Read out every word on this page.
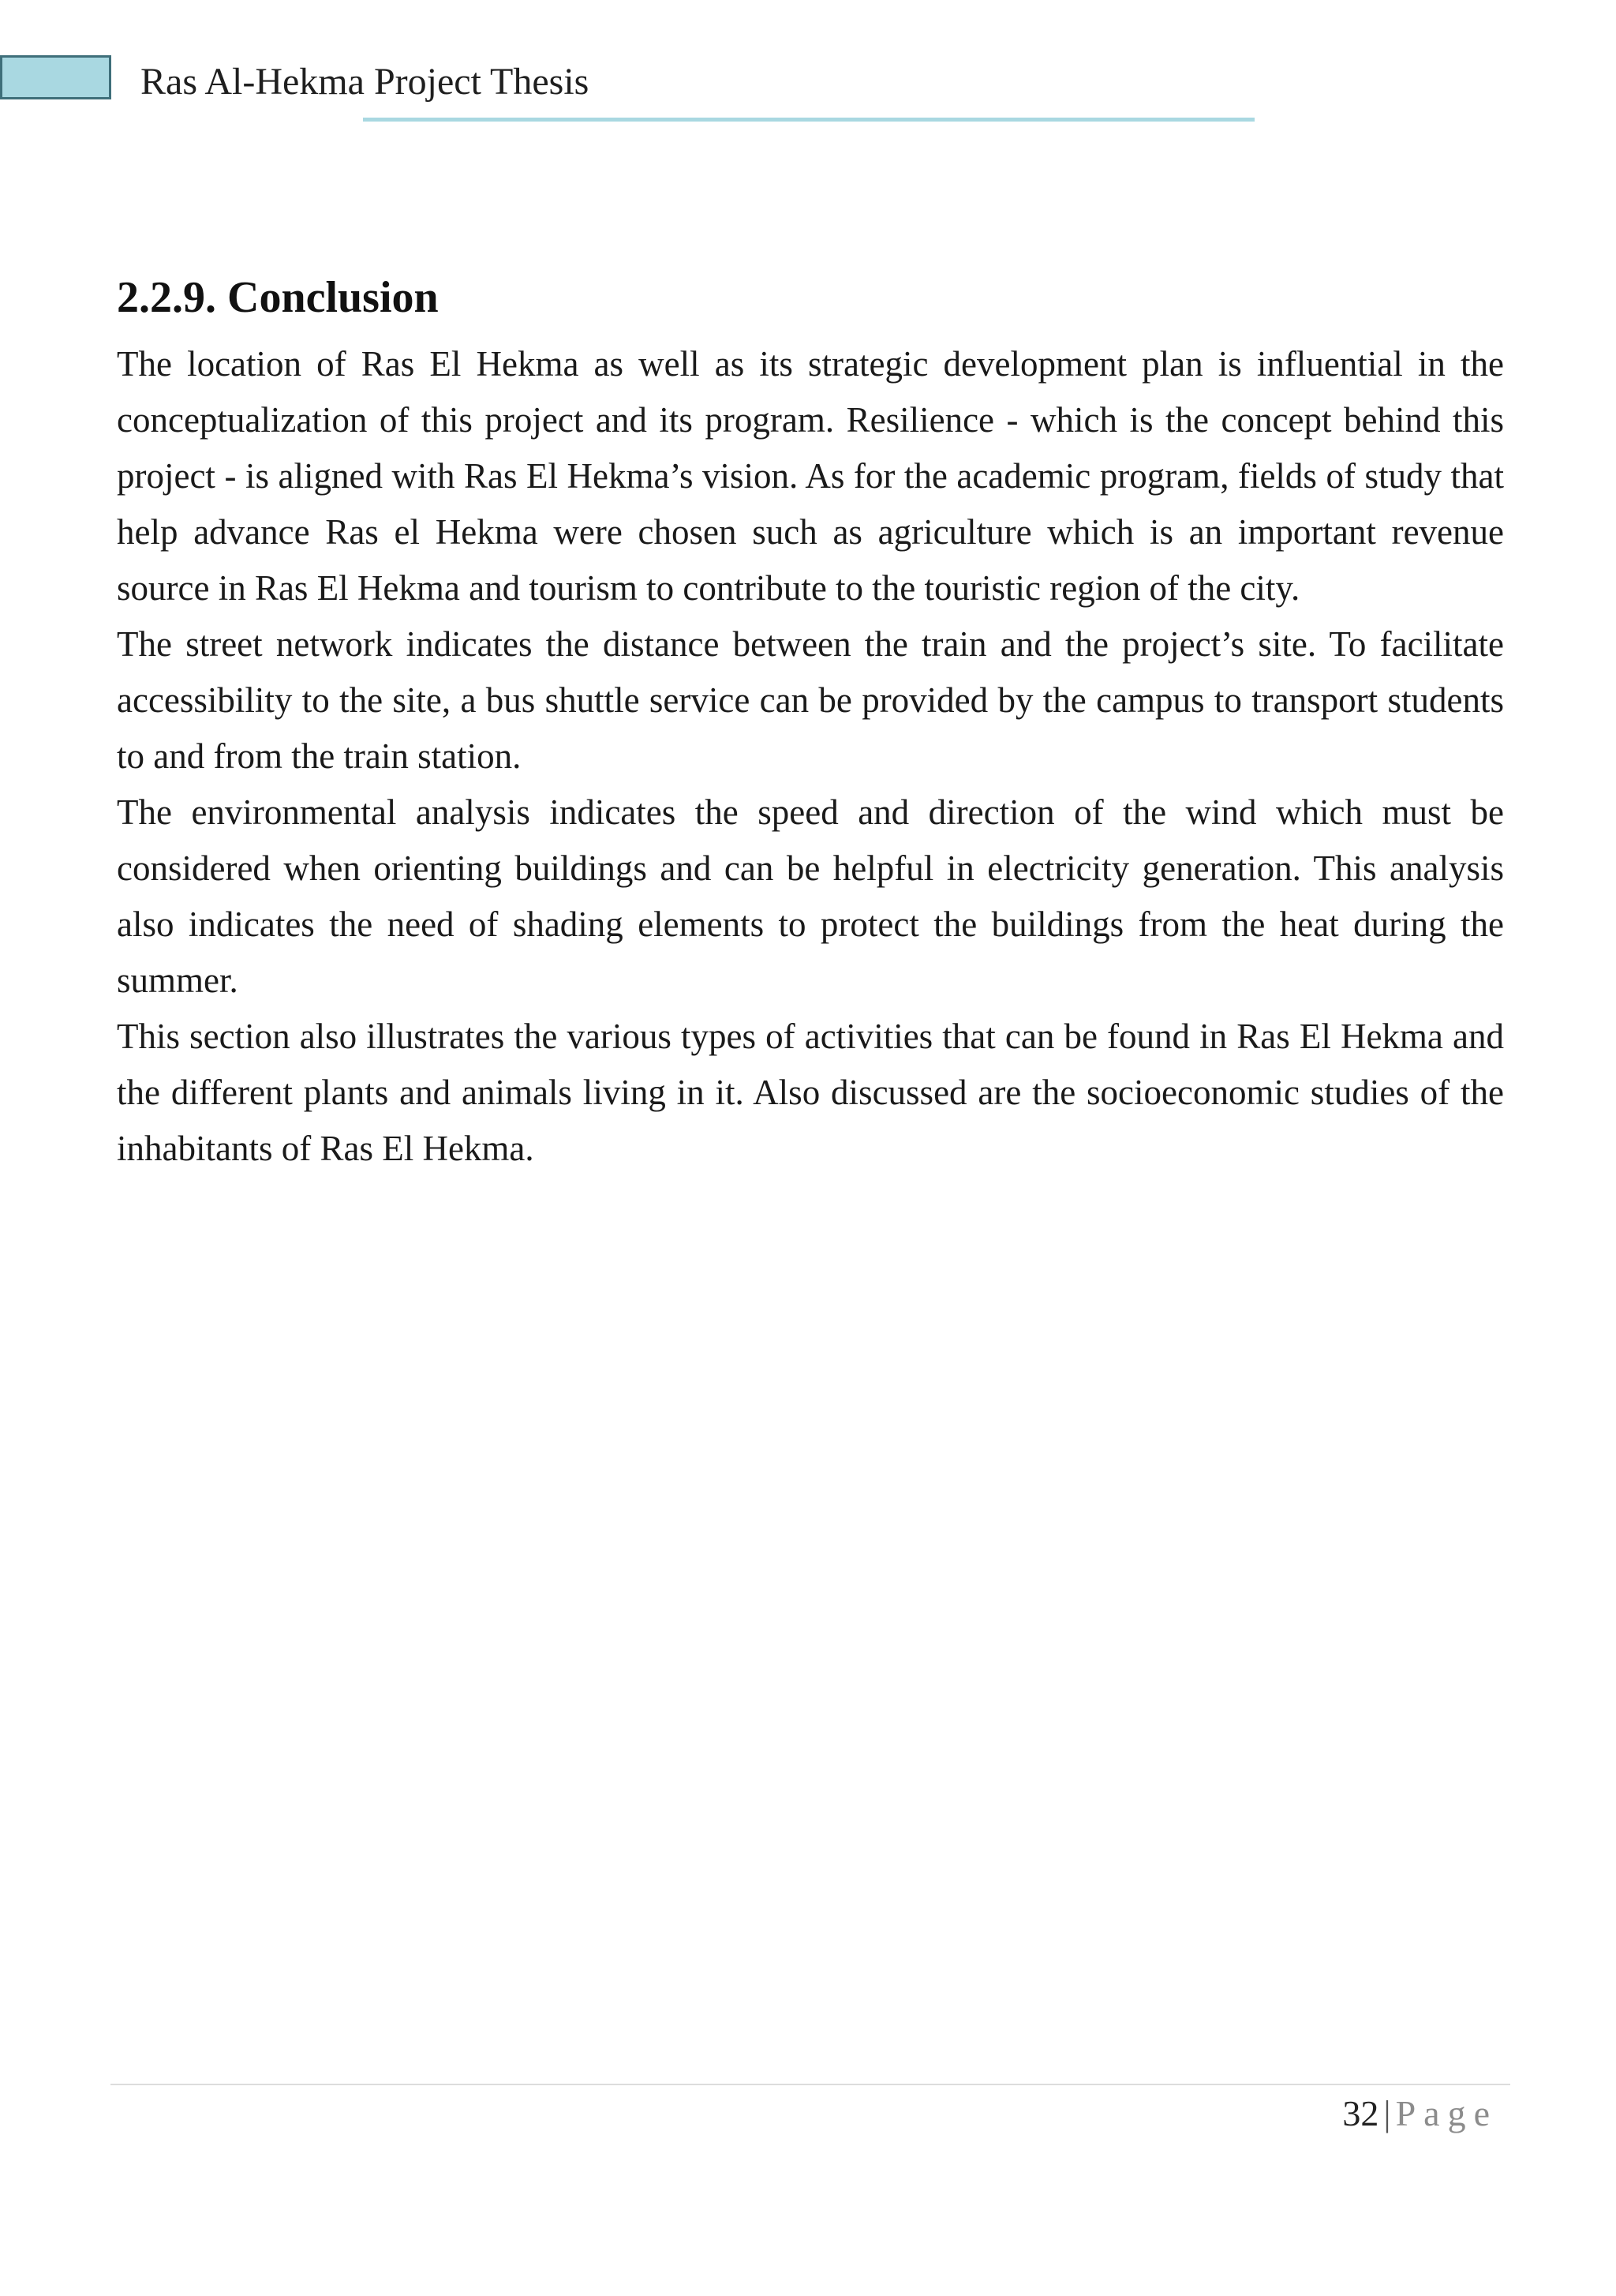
Ras Al-Hekma Project Thesis
2.2.9. Conclusion

The location of Ras El Hekma as well as its strategic development plan is influential in the conceptualization of this project and its program. Resilience - which is the concept behind this project - is aligned with Ras El Hekma’s vision. As for the academic program, fields of study that help advance Ras el Hekma were chosen such as agriculture which is an important revenue source in Ras El Hekma and tourism to contribute to the touristic region of the city.

The street network indicates the distance between the train and the project’s site. To facilitate accessibility to the site, a bus shuttle service can be provided by the campus to transport students to and from the train station.

The environmental analysis indicates the speed and direction of the wind which must be considered when orienting buildings and can be helpful in electricity generation. This analysis also indicates the need of shading elements to protect the buildings from the heat during the summer.

This section also illustrates the various types of activities that can be found in Ras El Hekma and the different plants and animals living in it. Also discussed are the socioeconomic studies of the inhabitants of Ras El Hekma.

32 | Page
